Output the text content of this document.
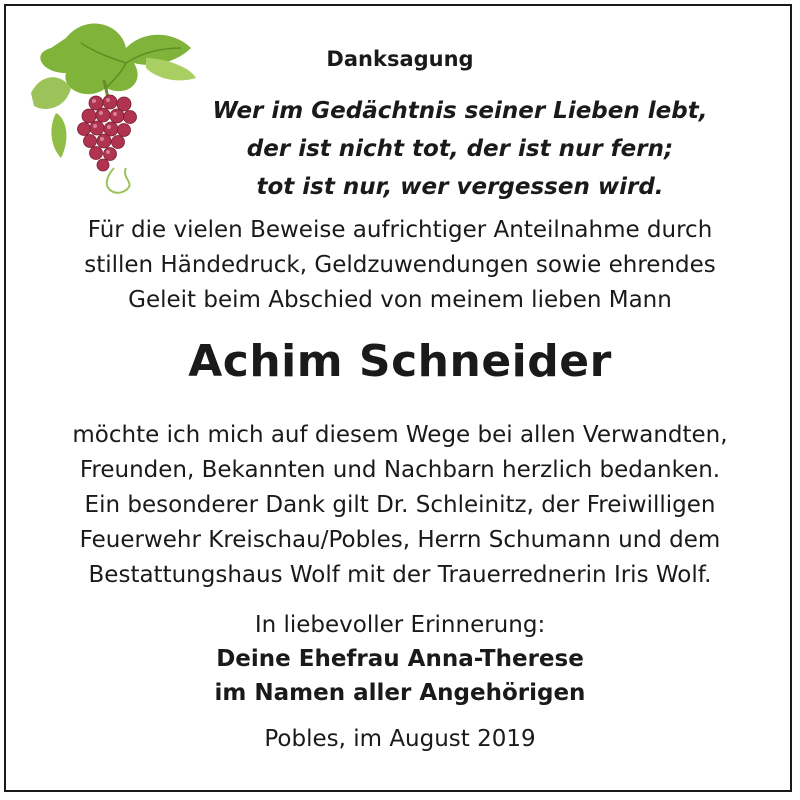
Danksagung
Wer im Gedächtnis seiner Lieben lebt,
der ist nicht tot, der ist nur fern;
tot ist nur, wer vergessen wird.
Für die vielen Beweise aufrichtiger Anteilnahme durch
stillen Händedruck, Geldzuwendungen sowie ehrendes
Geleit beim Abschied von meinem lieben Mann
Achim Schneider
möchte ich mich auf diesem Wege bei allen Verwandten,
Freunden, Bekannten und Nachbarn herzlich bedanken.
Ein besonderer Dank gilt Dr. Schleinitz, der Freiwilligen
Feuerwehr Kreischau/Pobles, Herrn Schumann und dem
Bestattungshaus Wolf mit der Trauerrednerin Iris Wolf.
In liebevoller Erinnerung:
Deine Ehefrau Anna-Therese
im Namen aller Angehörigen
Pobles, im August 2019
